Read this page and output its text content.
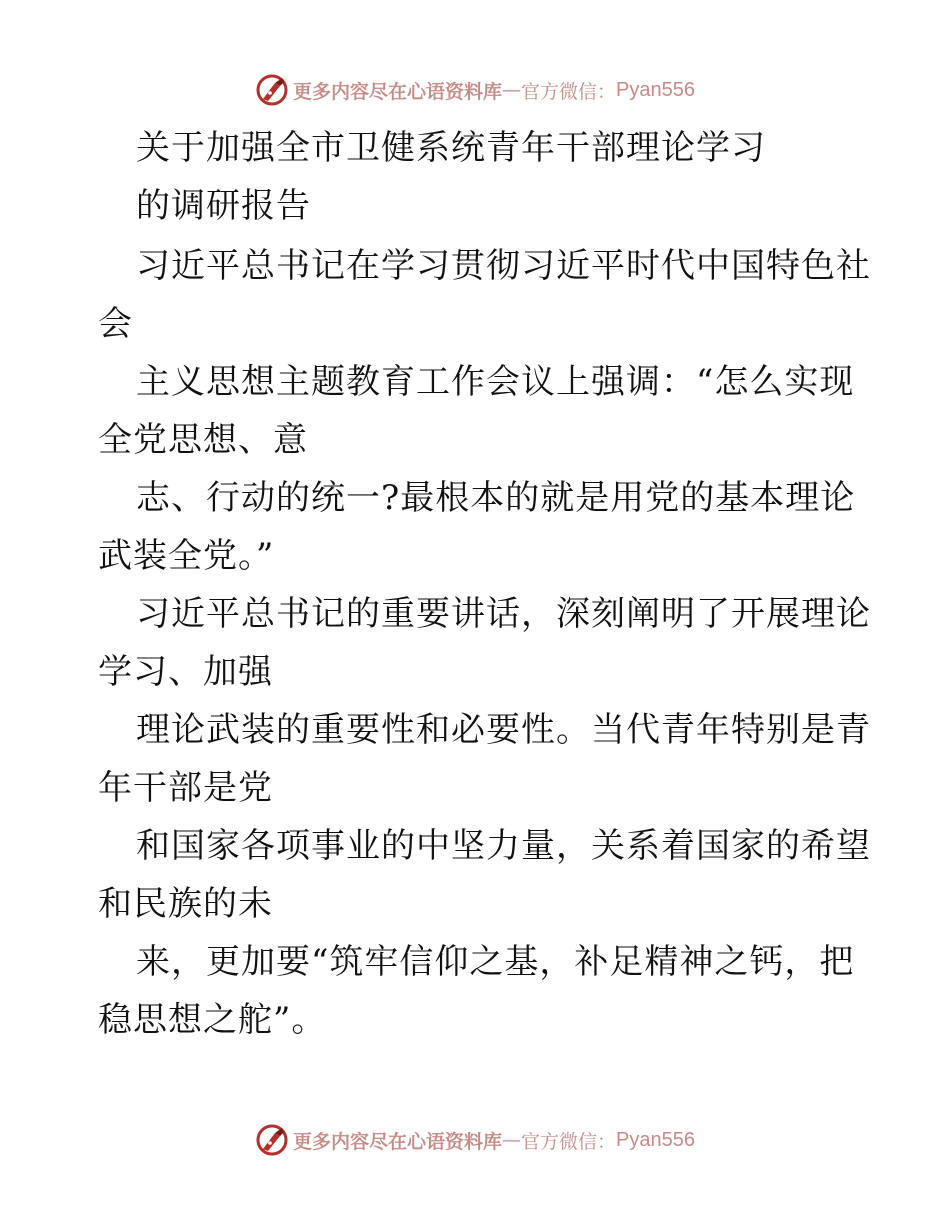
更多内容尽在心语资料库 — 官方微信： Pyan556
关于加强全市卫健系统青年干部理论学习
的调研报告
习近平总书记在学习贯彻习近平时代中国特色社
会
主义思想主题教育工作会议上强调：“怎么实现
全党思想、意
志、行动的统一?最根本的就是用党的基本理论
武装全党。”
习近平总书记的重要讲话，深刻阐明了开展理论
学习、加强
理论武装的重要性和必要性。当代青年特别是青
年干部是党
和国家各项事业的中坚力量，关系着国家的希望
和民族的未
来，更加要“筑牢信仰之基，补足精神之钙，把
稳思想之舵”。
更多内容尽在心语资料库 — 官方微信： Pyan556
